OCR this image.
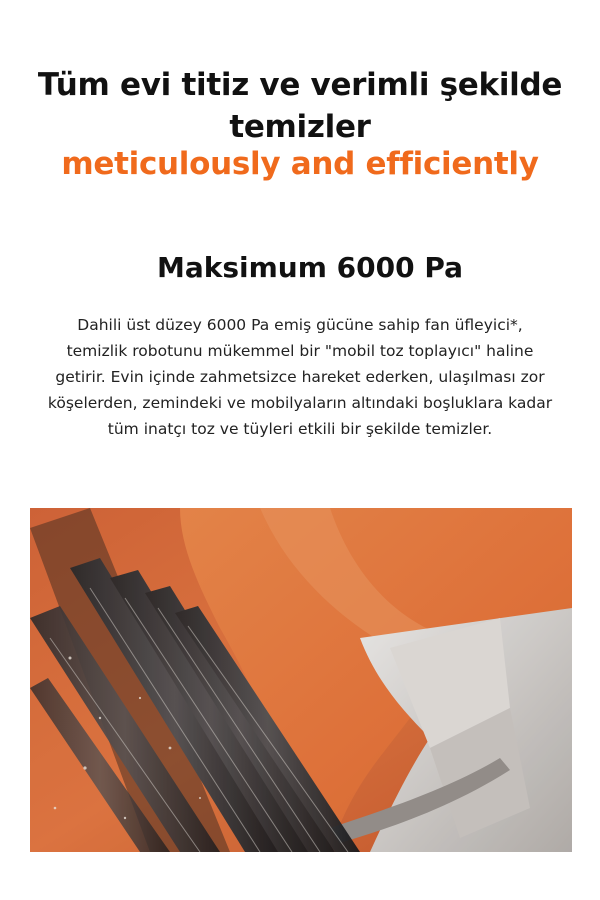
Tüm evi titiz ve verimli şekilde temizler
meticulously and efficiently
Maksimum 6000 Pa

Dahili üst düzey 6000 Pa emiş gücüne sahip fan üfleyici*, temizlik robotunu mükemmel bir "mobil toz toplayıcı" haline getirir. Evin içinde zahmetsizce hareket ederken, ulaşılması zor köşelerden, zemindeki ve mobilyaların altındaki boşluklara kadar tüm inatçı toz ve tüyleri etkili bir şekilde temizler.
